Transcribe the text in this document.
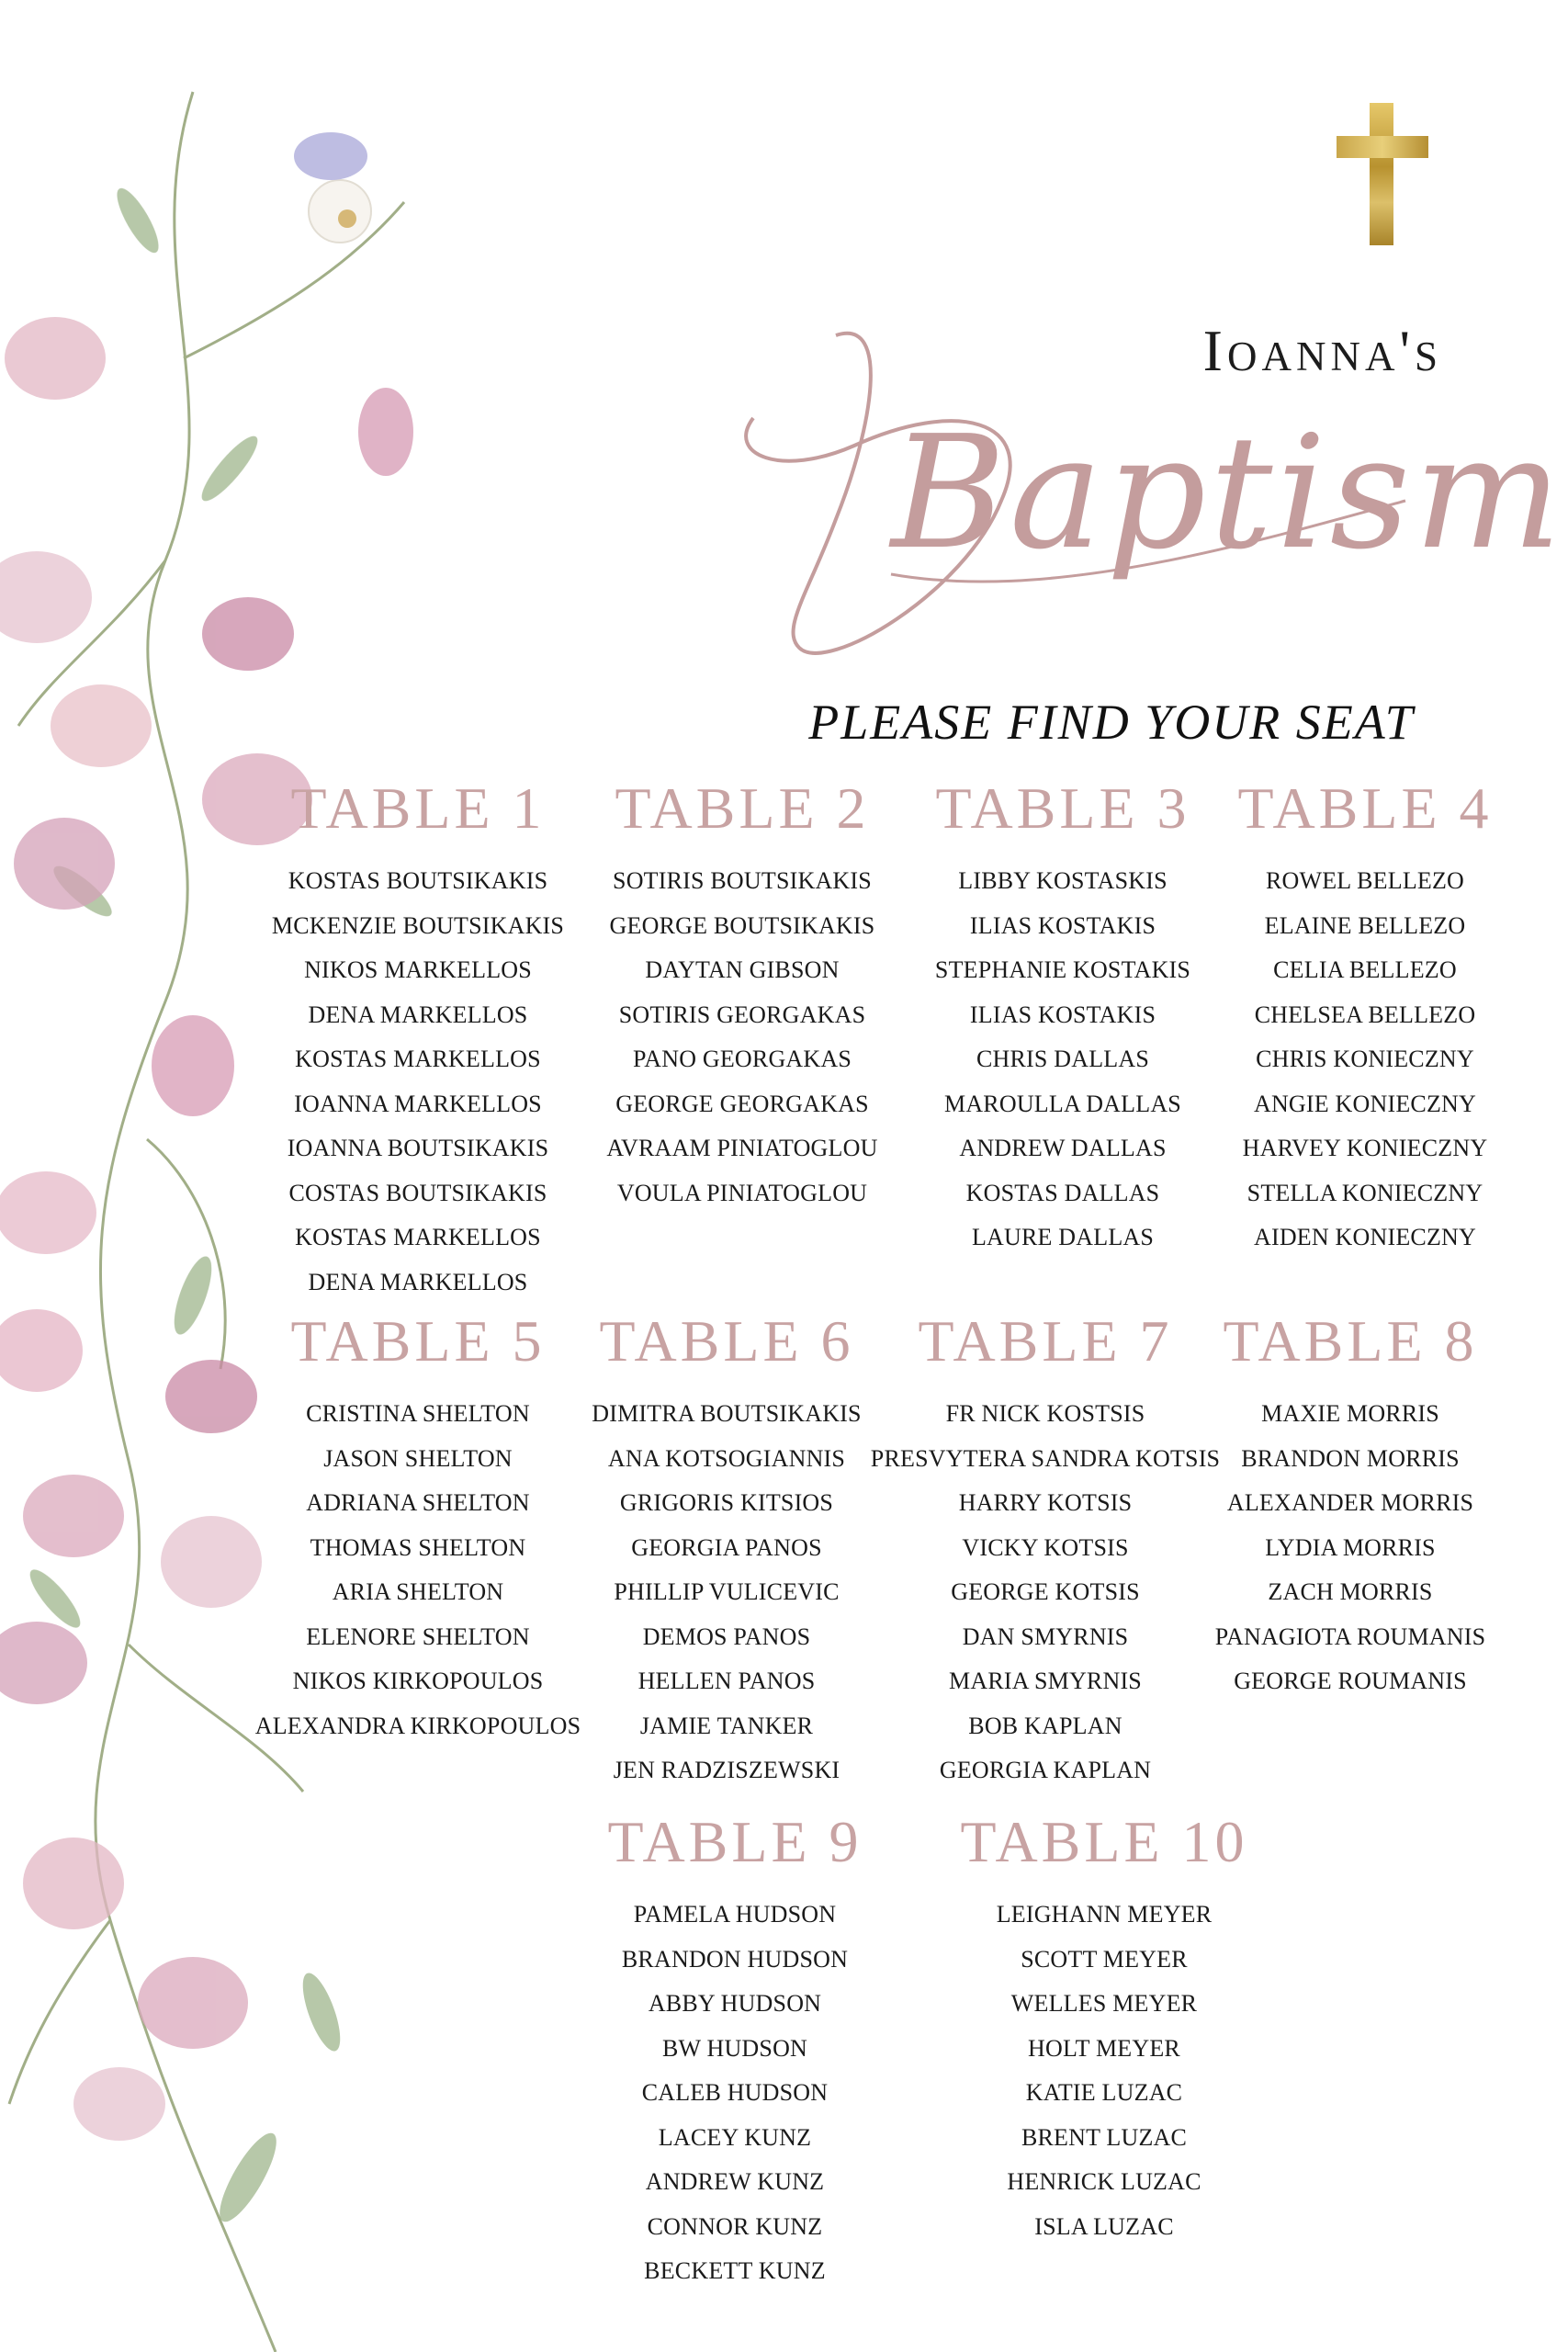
Baptism
Ioanna's
PLEASE FIND YOUR SEAT
TABLE 1
KOSTAS BOUTSIKAKIS
MCKENZIE BOUTSIKAKIS
NIKOS MARKELLOS
DENA MARKELLOS
KOSTAS MARKELLOS
IOANNA MARKELLOS
IOANNA BOUTSIKAKIS
COSTAS BOUTSIKAKIS
KOSTAS MARKELLOS
DENA MARKELLOS
TABLE 2
SOTIRIS BOUTSIKAKIS
GEORGE BOUTSIKAKIS
DAYTAN GIBSON
SOTIRIS GEORGAKAS
PANO GEORGAKAS
GEORGE GEORGAKAS
AVRAAM PINIATOGLOU
VOULA PINIATOGLOU
TABLE 3
LIBBY KOSTASKIS
ILIAS KOSTAKIS
STEPHANIE KOSTAKIS
ILIAS KOSTAKIS
CHRIS DALLAS
MAROULLA DALLAS
ANDREW DALLAS
KOSTAS DALLAS
LAURE DALLAS
TABLE 4
ROWEL BELLEZO
ELAINE BELLEZO
CELIA BELLEZO
CHELSEA BELLEZO
CHRIS KONIECZNY
ANGIE KONIECZNY
HARVEY KONIECZNY
STELLA KONIECZNY
AIDEN KONIECZNY
TABLE 5
CRISTINA SHELTON
JASON SHELTON
ADRIANA SHELTON
THOMAS SHELTON
ARIA SHELTON
ELENORE SHELTON
NIKOS KIRKOPOULOS
ALEXANDRA KIRKOPOULOS
TABLE 6
DIMITRA BOUTSIKAKIS
ANA KOTSOGIANNIS
GRIGORIS KITSIOS
GEORGIA PANOS
PHILLIP VULICEVIC
DEMOS PANOS
HELLEN PANOS
JAMIE TANKER
JEN RADZISZEWSKI
TABLE 7
FR NICK KOSTSIS
PRESVYTERA SANDRA KOTSIS
HARRY KOTSIS
VICKY KOTSIS
GEORGE KOTSIS
DAN SMYRNIS
MARIA SMYRNIS
BOB KAPLAN
GEORGIA KAPLAN
TABLE 8
MAXIE MORRIS
BRANDON MORRIS
ALEXANDER MORRIS
LYDIA MORRIS
ZACH MORRIS
PANAGIOTA ROUMANIS
GEORGE ROUMANIS
TABLE 9
PAMELA HUDSON
BRANDON HUDSON
ABBY HUDSON
BW HUDSON
CALEB HUDSON
LACEY KUNZ
ANDREW KUNZ
CONNOR KUNZ
BECKETT KUNZ
TABLE 10
LEIGHANN MEYER
SCOTT MEYER
WELLES MEYER
HOLT MEYER
KATIE LUZAC
BRENT LUZAC
HENRICK LUZAC
ISLA LUZAC
